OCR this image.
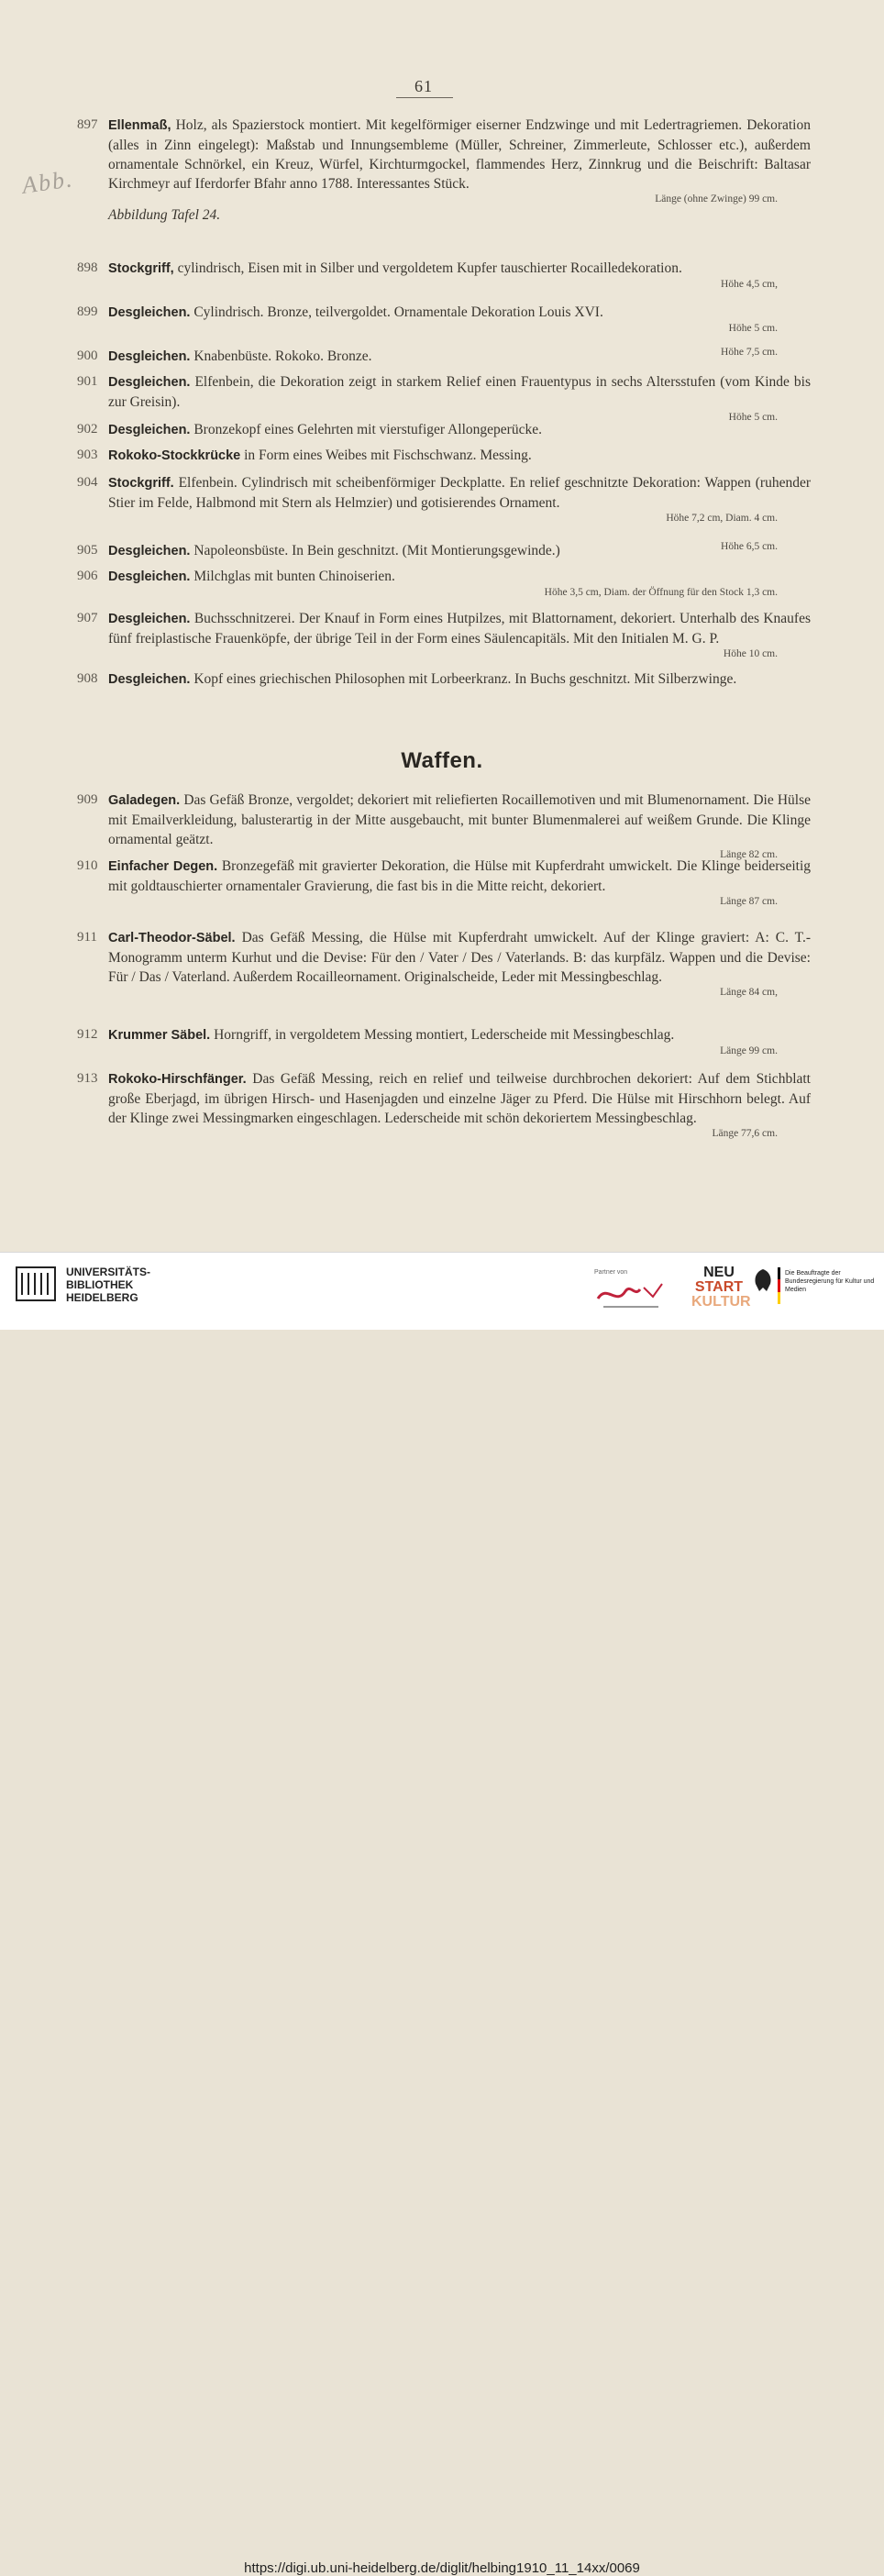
61
Abb.
897 Ellenmaß, Holz, als Spazierstock montiert. Mit kegelförmiger eiserner Endzwinge und mit Ledertragriemen. Dekoration (alles in Zinn eingelegt): Maßstab und Innungsembleme (Müller, Schreiner, Zimmerleute, Schlosser etc.), außerdem ornamentale Schnörkel, ein Kreuz, Würfel, Kirchturmgockel, flammendes Herz, Zinnkrug und die Beischrift: Baltasar Kirchmeyr auf Iferdorfer Bfahr anno 1788. Interessantes Stück.
Länge (ohne Zwinge) 99 cm.
Abbildung Tafel 24.
898 Stockgriff, cylindrisch, Eisen mit in Silber und vergoldetem Kupfer tauschierter Rocailledekoration.
Höhe 4,5 cm,
899 Desgleichen. Cylindrisch. Bronze, teilvergoldet. Ornamentale Dekoration Louis XVI.
Höhe 5 cm.
900 Desgleichen. Knabenbüste. Rokoko. Bronze.	Höhe 7,5 cm.
901 Desgleichen. Elfenbein, die Dekoration zeigt in starkem Relief einen Frauentypus in sechs Altersstufen (vom Kinde bis zur Greisin).
Höhe 5 cm.
902 Desgleichen. Bronzekopf eines Gelehrten mit vierstufiger Allongeperücke.
903 Rokoko-Stockkrücke in Form eines Weibes mit Fischschwanz. Messing.
904 Stockgriff. Elfenbein. Cylindrisch mit scheibenförmiger Deckplatte. En relief geschnitzte Dekoration: Wappen (ruhender Stier im Felde, Halbmond mit Stern als Helmzier) und gotisierendes Ornament.
Höhe 7,2 cm, Diam. 4 cm.
905 Desgleichen. Napoleonsbüste. In Bein geschnitzt. (Mit Montierungsgewinde.)	Höhe 6,5 cm.
906 Desgleichen. Milchglas mit bunten Chinoiserien.
Höhe 3,5 cm, Diam. der Öffnung für den Stock 1,3 cm.
907 Desgleichen. Buchsschnitzerei. Der Knauf in Form eines Hutpilzes, mit Blattornament, dekoriert. Unterhalb des Knaufes fünf freiplastische Frauenköpfe, der übrige Teil in der Form eines Säulencapitäls. Mit den Initialen M. G. P.
Höhe 10 cm.
908 Desgleichen. Kopf eines griechischen Philosophen mit Lorbeerkranz. In Buchs geschnitzt. Mit Silberzwinge.
Waffen.
909 Galadegen. Das Gefäß Bronze, vergoldet; dekoriert mit reliefierten Rocaillemotiven und mit Blumenornament. Die Hülse mit Emailverkleidung, balusterartig in der Mitte ausgebaucht, mit bunter Blumenmalerei auf weißem Grunde. Die Klinge ornamental geätzt.
Länge 82 cm.
910 Einfacher Degen. Bronzegefäß mit gravierter Dekoration, die Hülse mit Kupferdraht umwickelt. Die Klinge beiderseitig mit goldtauschierter ornamentaler Gravierung, die fast bis in die Mitte reicht, dekoriert.
Länge 87 cm.
911 Carl-Theodor-Säbel. Das Gefäß Messing, die Hülse mit Kupferdraht umwickelt. Auf der Klinge graviert: A: C. T.-Monogramm unterm Kurhut und die Devise: Für den / Vater / Des / Vaterlands. B: das kurpfälz. Wappen und die Devise: Für / Das / Vaterland. Außerdem Rocailleornament. Originalscheide, Leder mit Messingbeschlag.
Länge 84 cm,
912 Krummer Säbel. Horngriff, in vergoldetem Messing montiert, Lederscheide mit Messingbeschlag.
Länge 99 cm.
913 Rokoko-Hirschfänger. Das Gefäß Messing, reich en relief und teilweise durchbrochen dekoriert: Auf dem Stichblatt große Eberjagd, im übrigen Hirsch- und Hasenjagden und einzelne Jäger zu Pferd. Die Hülse mit Hirschhorn belegt. Auf der Klinge zwei Messingmarken eingeschlagen. Lederscheide mit schön dekoriertem Messingbeschlag.
Länge 77,6 cm.
UNIVERSITÄTS-
BIBLIOTHEK
HEIDELBERG
Partner von	NEU
START
KULTUR
Die Beauftragte der Bundesregierung für Kultur und Medien
https://digi.ub.uni-heidelberg.de/diglit/helbing1910_11_14xx/0069
